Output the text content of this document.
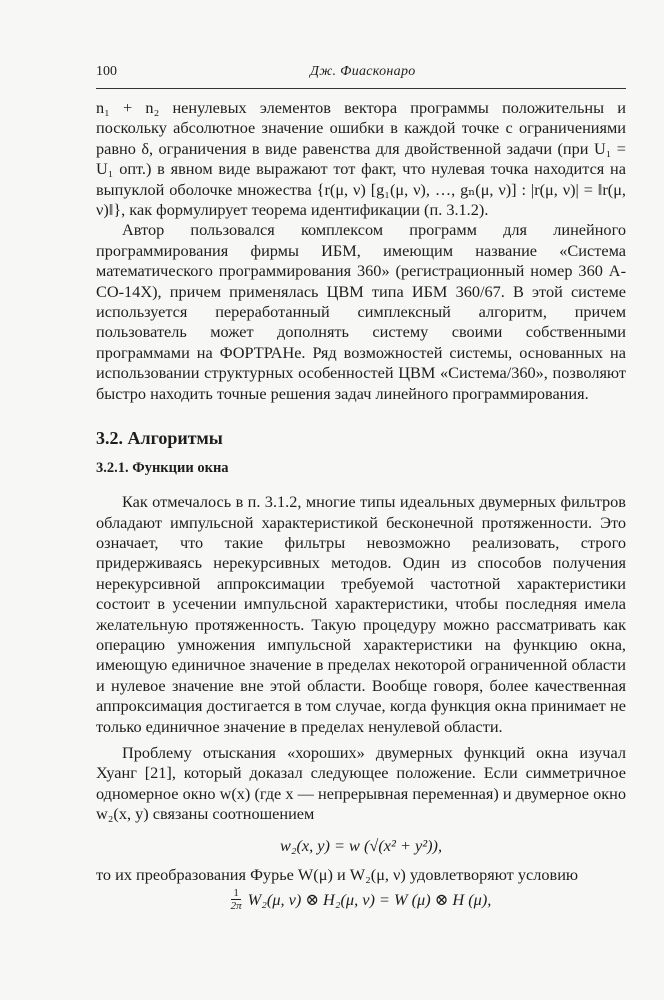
100	Дж. Фиасконаро

n₁ + n₂ ненулевых элементов вектора программы положительны и поскольку абсолютное значение ошибки в каждой точке с ограничениями равно δ, ограничения в виде равенства для двойственной задачи (при U₁ = U₁ опт.) в явном виде выражают тот факт, что нулевая точка находится на выпуклой оболочке множества {r(μ, ν) [g₁(μ, ν), …, gₙ(μ, ν)] : |r(μ, ν)| = ‖r(μ, ν)‖}, как формулирует теорема идентификации (п. 3.1.2).

Автор пользовался комплексом программ для линейного программирования фирмы ИБМ, имеющим название «Система математического программирования 360» (регистрационный номер 360 А-СО-14Х), причем применялась ЦВМ типа ИБМ 360/67. В этой системе используется переработанный симплексный алгоритм, причем пользователь может дополнять систему своими собственными программами на ФОРТРАНе. Ряд возможностей системы, основанных на использовании структурных особенностей ЦВМ «Система/360», позволяют быстро находить точные решения задач линейного программирования.

3.2. Алгоритмы
3.2.1. Функции окна

Как отмечалось в п. 3.1.2, многие типы идеальных двумерных фильтров обладают импульсной характеристикой бесконечной протяженности. Это означает, что такие фильтры невозможно реализовать, строго придерживаясь нерекурсивных методов. Один из способов получения нерекурсивной аппроксимации требуемой частотной характеристики состоит в усечении импульсной характеристики, чтобы последняя имела желательную протяженность. Такую процедуру можно рассматривать как операцию умножения импульсной характеристики на функцию окна, имеющую единичное значение в пределах некоторой ограниченной области и нулевое значение вне этой области. Вообще говоря, более качественная аппроксимация достигается в том случае, когда функция окна принимает не только единичное значение в пределах ненулевой области.

Проблему отыскания «хороших» двумерных функций окна изучал Хуанг [21], который доказал следующее положение. Если симметричное одномерное окно w(x) (где x — непрерывная переменная) и двумерное окно w₂(x, y) связаны соотношением

w₂(x, y) = w (√(x² + y²)),

то их преобразования Фурье W(μ) и W₂(μ, ν) удовлетворяют условию

$\frac{1}{2\pi} W_2(\mu$, ν) ⊗ H₂(μ, ν) = W (μ) ⊗ H (μ),
